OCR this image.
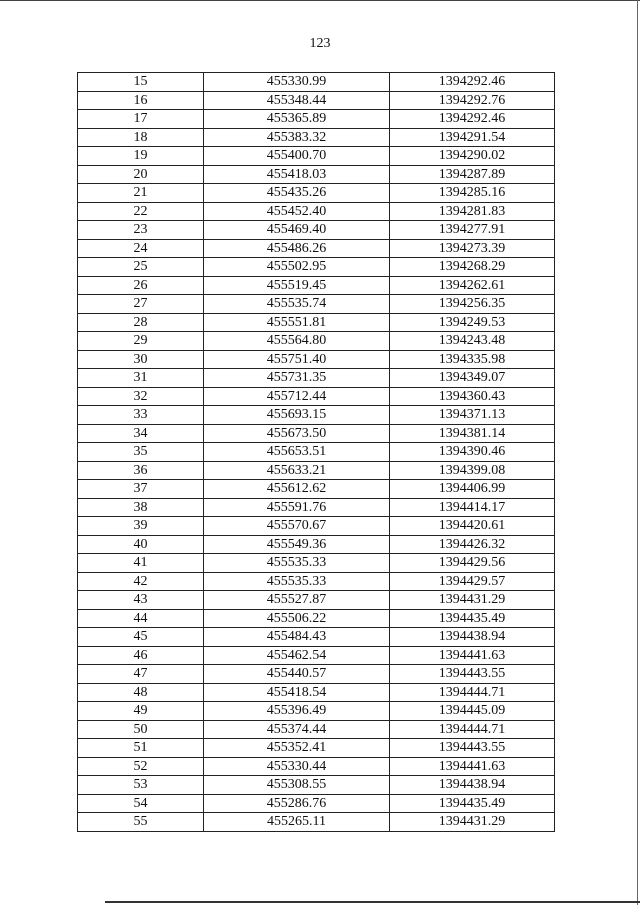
123
15	455330.99	1394292.46
16	455348.44	1394292.76
17	455365.89	1394292.46
18	455383.32	1394291.54
19	455400.70	1394290.02
20	455418.03	1394287.89
21	455435.26	1394285.16
22	455452.40	1394281.83
23	455469.40	1394277.91
24	455486.26	1394273.39
25	455502.95	1394268.29
26	455519.45	1394262.61
27	455535.74	1394256.35
28	455551.81	1394249.53
29	455564.80	1394243.48
30	455751.40	1394335.98
31	455731.35	1394349.07
32	455712.44	1394360.43
33	455693.15	1394371.13
34	455673.50	1394381.14
35	455653.51	1394390.46
36	455633.21	1394399.08
37	455612.62	1394406.99
38	455591.76	1394414.17
39	455570.67	1394420.61
40	455549.36	1394426.32
41	455535.33	1394429.56
42	455535.33	1394429.57
43	455527.87	1394431.29
44	455506.22	1394435.49
45	455484.43	1394438.94
46	455462.54	1394441.63
47	455440.57	1394443.55
48	455418.54	1394444.71
49	455396.49	1394445.09
50	455374.44	1394444.71
51	455352.41	1394443.55
52	455330.44	1394441.63
53	455308.55	1394438.94
54	455286.76	1394435.49
55	455265.11	1394431.29
